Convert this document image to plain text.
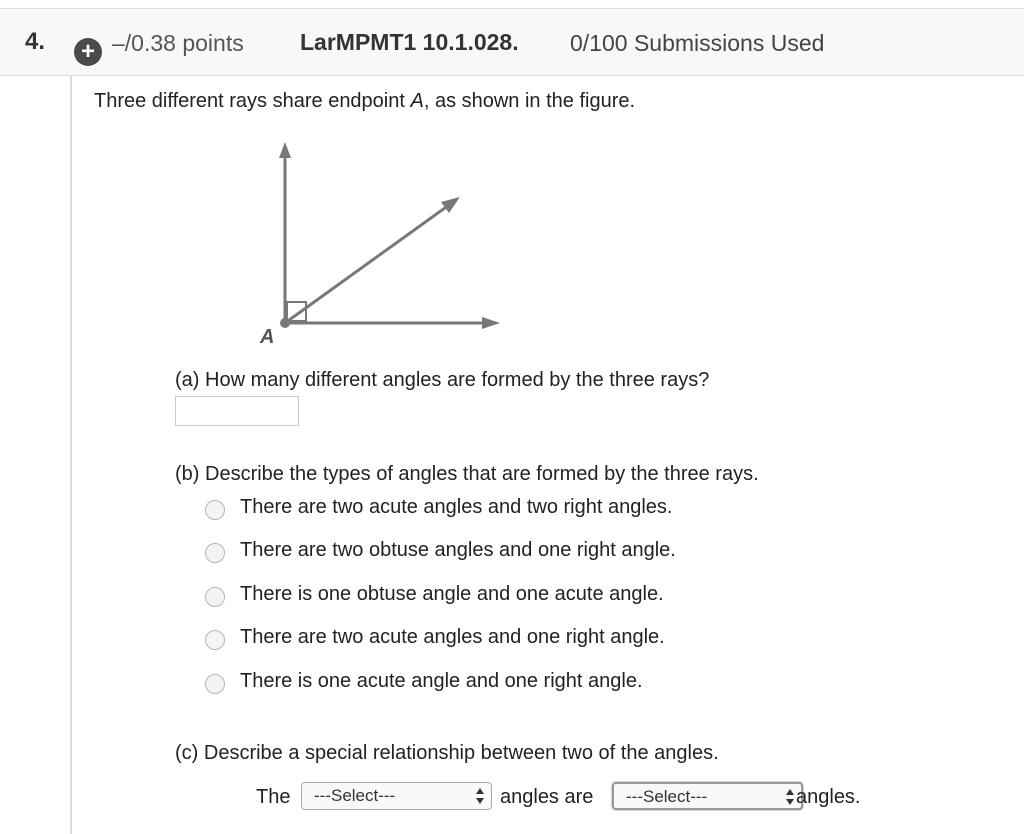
4. + –/0.38 points LarMPMT1 10.1.028. 0/100 Submissions Used
Three different rays share endpoint A, as shown in the figure.
A
(a) How many different angles are formed by the three rays?
(b) Describe the types of angles that are formed by the three rays.
There are two acute angles and two right angles.
There are two obtuse angles and one right angle.
There is one obtuse angle and one acute angle.
There are two acute angles and one right angle.
There is one acute angle and one right angle.
(c) Describe a special relationship between two of the angles.
The ---Select---	angles are ---Select---	angles.
